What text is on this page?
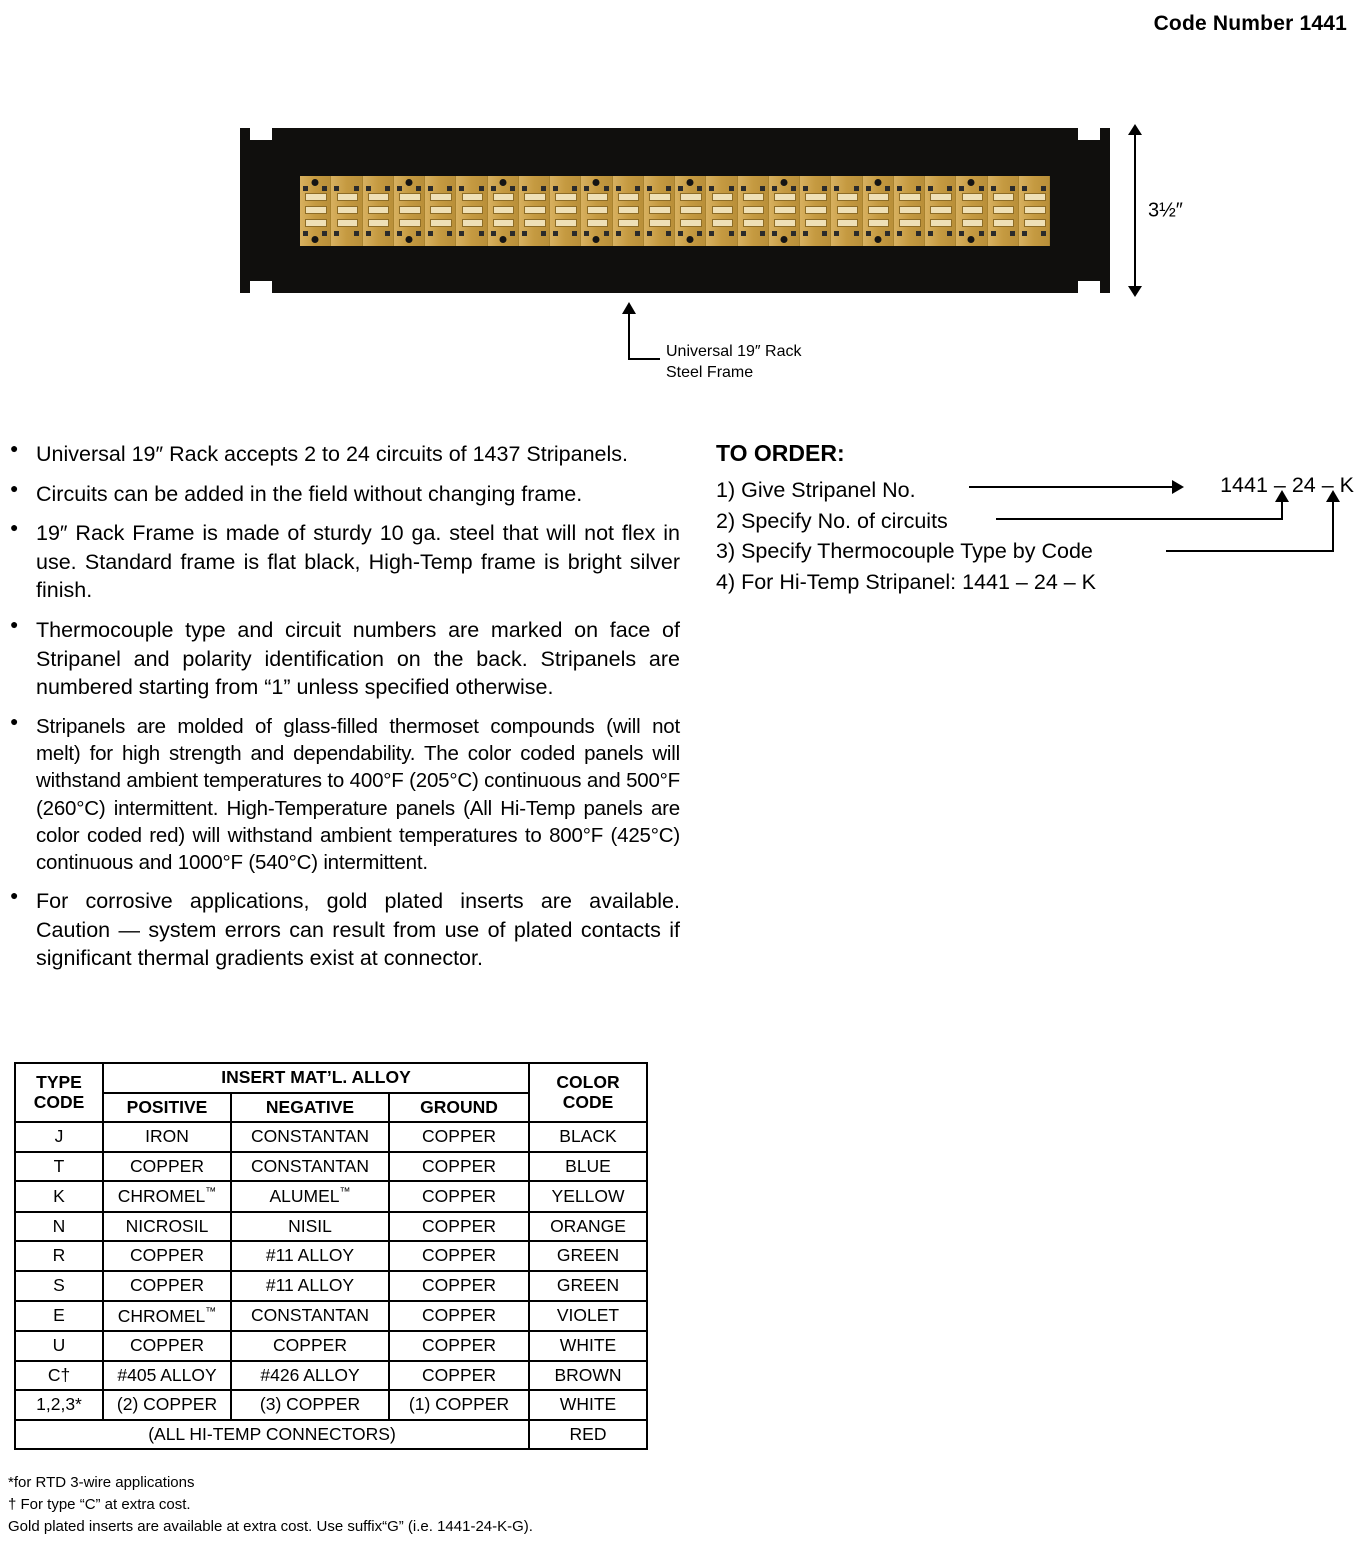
Code Number 1441
3½″
Universal 19″ Rack
Steel Frame
● Universal 19″ Rack accepts 2 to 24 circuits of 1437 Stripanels.
● Circuits can be added in the field without changing frame.
● 19″ Rack Frame is made of sturdy 10 ga. steel that will not flex in use. Standard frame is flat black, High-Temp frame is bright silver finish.
● Thermocouple type and circuit numbers are marked on face of Stripanel and polarity identification on the back. Stripanels are numbered starting from “1” unless specified otherwise.
● Stripanels are molded of glass-filled thermoset compounds (will not melt) for high strength and dependability. The color coded panels will withstand ambient temperatures to 400°F (205°C) continuous and 500°F (260°C) intermittent. High-Temperature panels (All Hi-Temp panels are color coded red) will withstand ambient temperatures to 800°F (425°C) continuous and 1000°F (540°C) intermittent.
● For corrosive applications, gold plated inserts are available. Caution — system errors can result from use of plated contacts if significant thermal gradients exist at connector.
TO ORDER:
1) Give Stripanel No.
2) Specify No. of circuits
3) Specify Thermocouple Type by Code
4) For Hi-Temp Stripanel: 1441 – 24 – K
1441 – 24 – K
TYPE
CODE	INSERT MAT’L. ALLOY			COLOR
CODE
	POSITIVE	NEGATIVE	GROUND	
J	IRON	CONSTANTAN	COPPER	BLACK
T	COPPER	CONSTANTAN	COPPER	BLUE
K	CHROMEL™	ALUMEL™	COPPER	YELLOW
N	NICROSIL	NISIL	COPPER	ORANGE
R	COPPER	#11 ALLOY	COPPER	GREEN
S	COPPER	#11 ALLOY	COPPER	GREEN
E	CHROMEL™	CONSTANTAN	COPPER	VIOLET
U	COPPER	COPPER	COPPER	WHITE
C†	#405 ALLOY	#426 ALLOY	COPPER	BROWN
1,2,3*	(2) COPPER	(3) COPPER	(1) COPPER	WHITE
(ALL HI-TEMP CONNECTORS)				RED
*for RTD 3-wire applications
† For type “C” at extra cost.
Gold plated inserts are available at extra cost. Use suffix“G” (i.e. 1441-24-K-G).
